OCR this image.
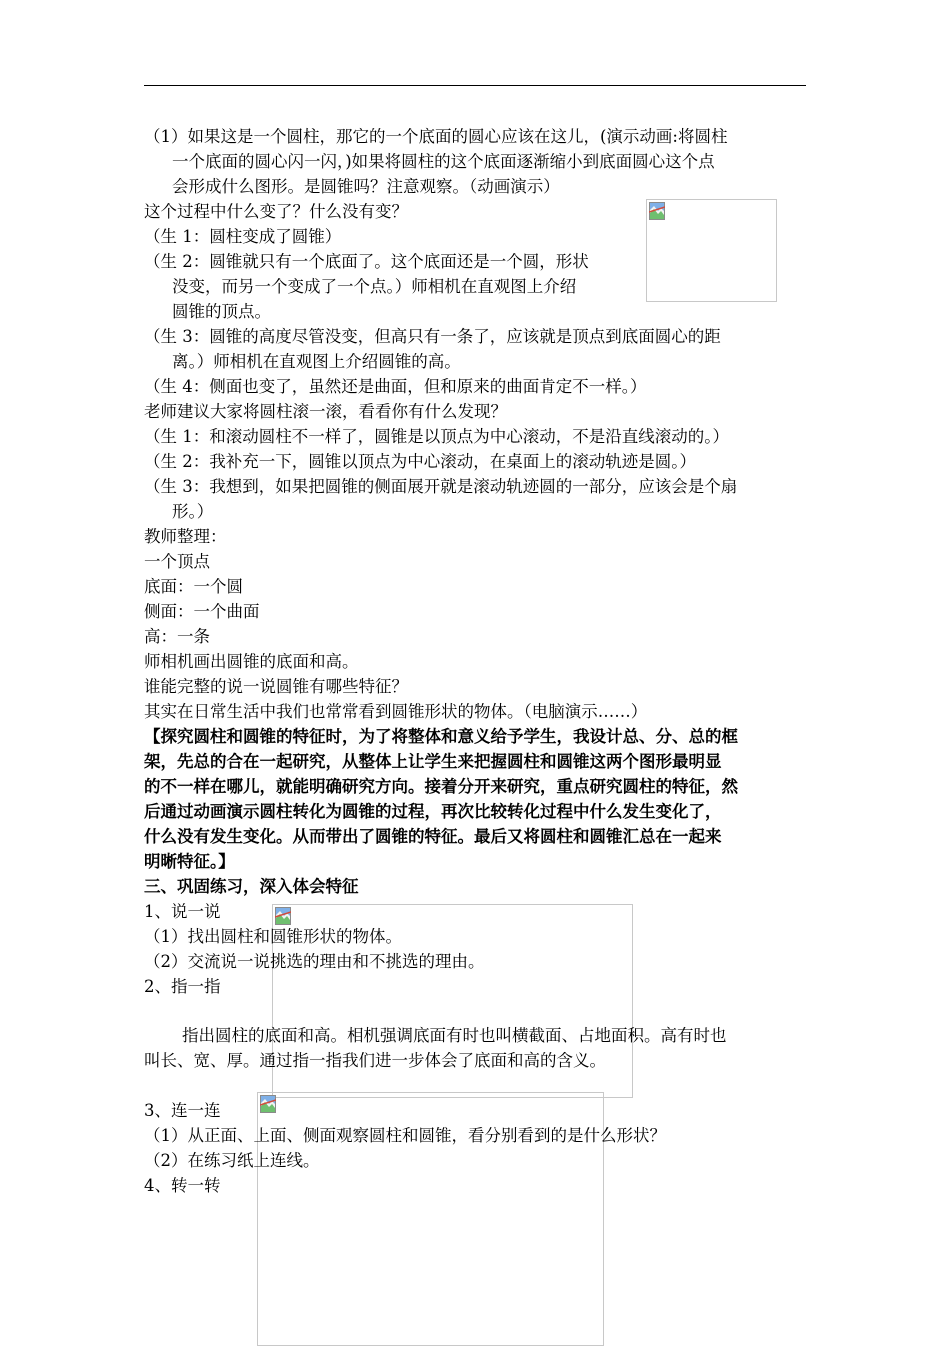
（1）如果这是一个圆柱，那它的一个底面的圆心应该在这儿，(演示动画:将圆柱
一个底面的圆心闪一闪，)如果将圆柱的这个底面逐渐缩小到底面圆心这个点
会形成什么图形。是圆锥吗？注意观察。（动画演示）
这个过程中什么变了？什么没有变？
（生 1：圆柱变成了圆锥）
（生 2：圆锥就只有一个底面了。这个底面还是一个圆，形状
没变，而另一个变成了一个点。）师相机在直观图上介绍
圆锥的顶点。
（生 3：圆锥的高度尽管没变，但高只有一条了，应该就是顶点到底面圆心的距
离。）师相机在直观图上介绍圆锥的高。
（生 4：侧面也变了，虽然还是曲面，但和原来的曲面肯定不一样。）
老师建议大家将圆柱滚一滚，看看你有什么发现？
（生 1：和滚动圆柱不一样了，圆锥是以顶点为中心滚动，不是沿直线滚动的。）
（生 2：我补充一下，圆锥以顶点为中心滚动，在桌面上的滚动轨迹是圆。）
（生 3：我想到，如果把圆锥的侧面展开就是滚动轨迹圆的一部分，应该会是个扇
形。）
教师整理：
一个顶点
底面：一个圆
侧面：一个曲面
高：一条
师相机画出圆锥的底面和高。
谁能完整的说一说圆锥有哪些特征？
其实在日常生活中我们也常常看到圆锥形状的物体。（电脑演示……）
【探究圆柱和圆锥的特征时，为了将整体和意义给予学生，我设计总、分、总的框
架，先总的合在一起研究，从整体上让学生来把握圆柱和圆锥这两个图形最明显
的不一样在哪儿，就能明确研究方向。接着分开来研究，重点研究圆柱的特征，然
后通过动画演示圆柱转化为圆锥的过程，再次比较转化过程中什么发生变化了，
什么没有发生变化。从而带出了圆锥的特征。最后又将圆柱和圆锥汇总在一起来
明晰特征。】
三、巩固练习，深入体会特征
1、说一说
（1）找出圆柱和圆锥形状的物体。
（2）交流说一说挑选的理由和不挑选的理由。
2、指一指
指出圆柱的底面和高。相机强调底面有时也叫横截面、占地面积。高有时也
叫长、宽、厚。通过指一指我们进一步体会了底面和高的含义。
3、连一连
（1）从正面、上面、侧面观察圆柱和圆锥，看分别看到的是什么形状？
（2）在练习纸上连线。
4、转一转
